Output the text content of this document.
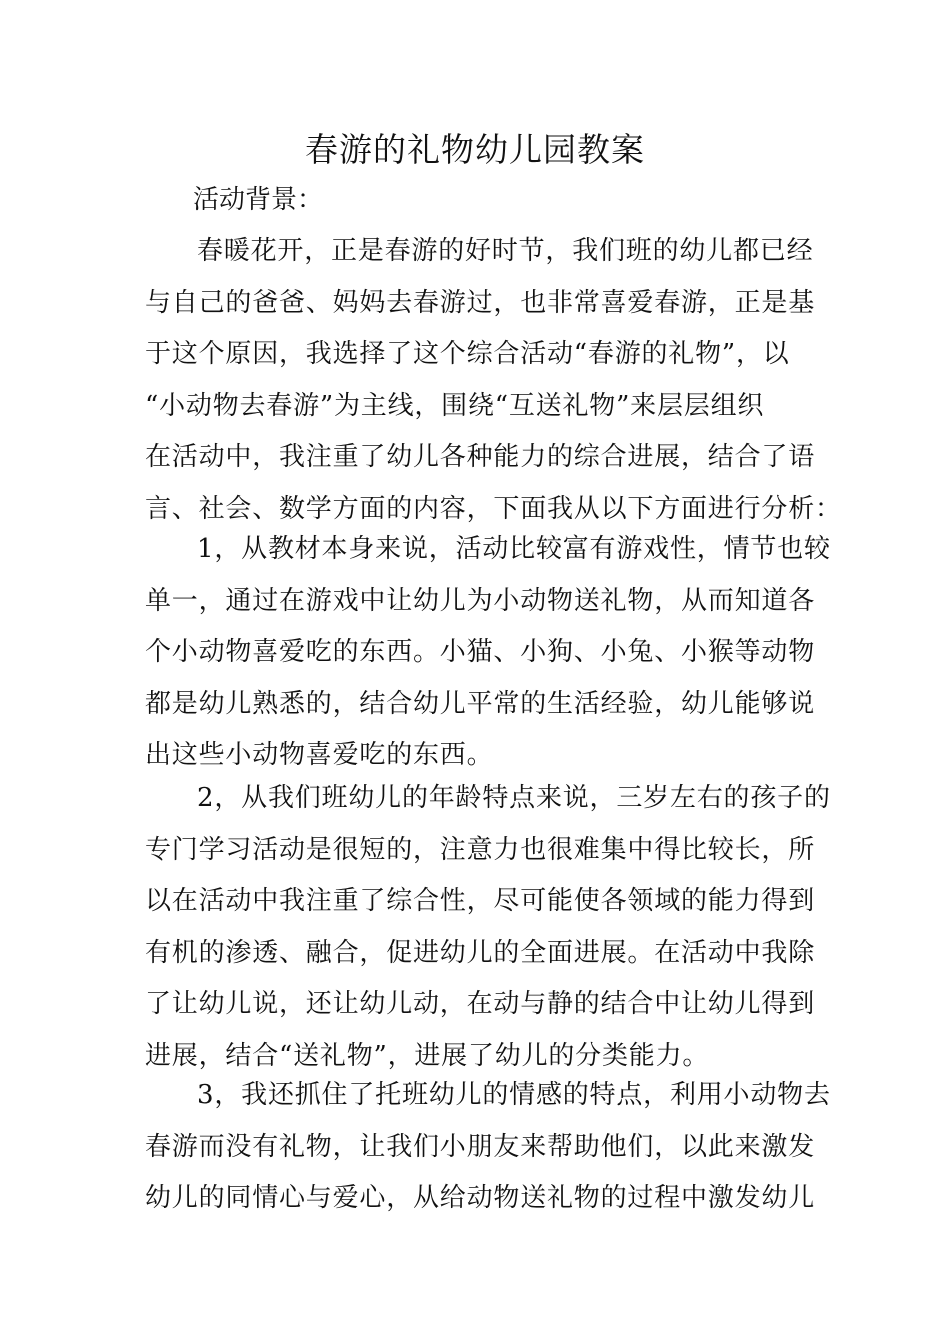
春游的礼物幼儿园教案

活动背景：

春暖花开，正是春游的好时节，我们班的幼儿都已经
与自己的爸爸、妈妈去春游过，也非常喜爱春游，正是基
于这个原因，我选择了这个综合活动“春游的礼物”，以
“小动物去春游”为主线，围绕“互送礼物”来层层组织
在活动中，我注重了幼儿各种能力的综合进展，结合了语
言、社会、数学方面的内容，下面我从以下方面进行分析：

1，从教材本身来说，活动比较富有游戏性，情节也较
单一，通过在游戏中让幼儿为小动物送礼物，从而知道各
个小动物喜爱吃的东西。小猫、小狗、小兔、小猴等动物
都是幼儿熟悉的，结合幼儿平常的生活经验，幼儿能够说
出这些小动物喜爱吃的东西。

2，从我们班幼儿的年龄特点来说，三岁左右的孩子的
专门学习活动是很短的，注意力也很难集中得比较长，所
以在活动中我注重了综合性，尽可能使各领域的能力得到
有机的渗透、融合，促进幼儿的全面进展。在活动中我除
了让幼儿说，还让幼儿动，在动与静的结合中让幼儿得到
进展，结合“送礼物”，进展了幼儿的分类能力。

3，我还抓住了托班幼儿的情感的特点，利用小动物去
春游而没有礼物，让我们小朋友来帮助他们，以此来激发
幼儿的同情心与爱心，从给动物送礼物的过程中激发幼儿
